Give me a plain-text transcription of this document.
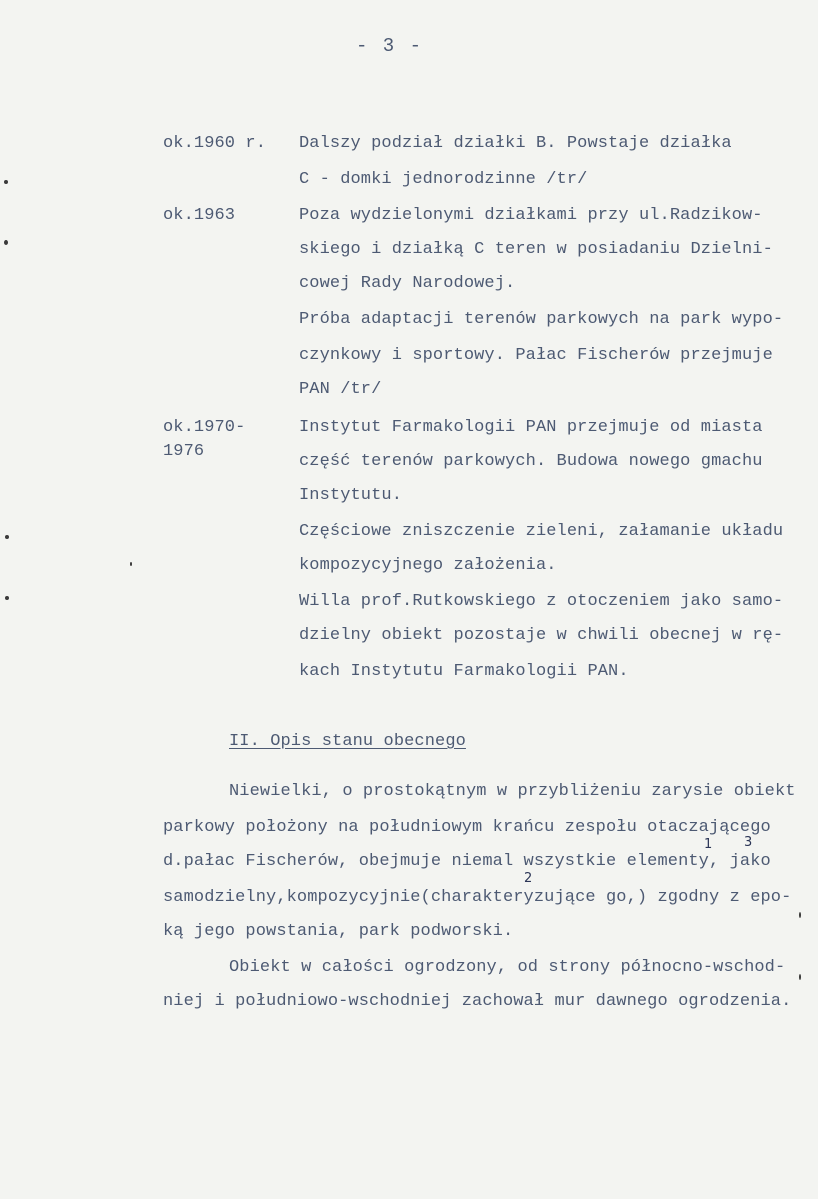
- 3 -
ok.1960 r. Dalszy podział działki B. Powstaje działka
C - domki jednorodzinne /tr/
ok.1963	Poza wydzielonymi działkami przy ul.Radzikow-
skiego i działką C teren w posiadaniu Dzielni-
cowej Rady Narodowej.
Próba adaptacji terenów parkowych na park wypo-
czynkowy i sportowy. Pałac Fischerów przejmuje
PAN /tr/
ok.1970-
1976
Instytut Farmakologii PAN przejmuje od miasta
część terenów parkowych. Budowa nowego gmachu
Instytutu.
Częściowe zniszczenie zieleni, załamanie układu
kompozycyjnego założenia.
Willa prof.Rutkowskiego z otoczeniem jako samo-
dzielny obiekt pozostaje w chwili obecnej w rę-
kach Instytutu Farmakologii PAN.
II. Opis stanu obecnego
Niewielki, o prostokątnym w przybliżeniu zarysie obiekt
parkowy położony na południowym krańcu zespołu otaczającego
d.pałac Fischerów, obejmuje niemal wszystkie elementy, jako
samodzielny,kompozycyjnie(charakteryzujące go,) zgodny z epo-
ką jego powstania, park podworski.
Obiekt w całości ogrodzony, od strony północno-wschod-
niej i południowo-wschodniej zachował mur dawnego ogrodzenia.
1 3
2
